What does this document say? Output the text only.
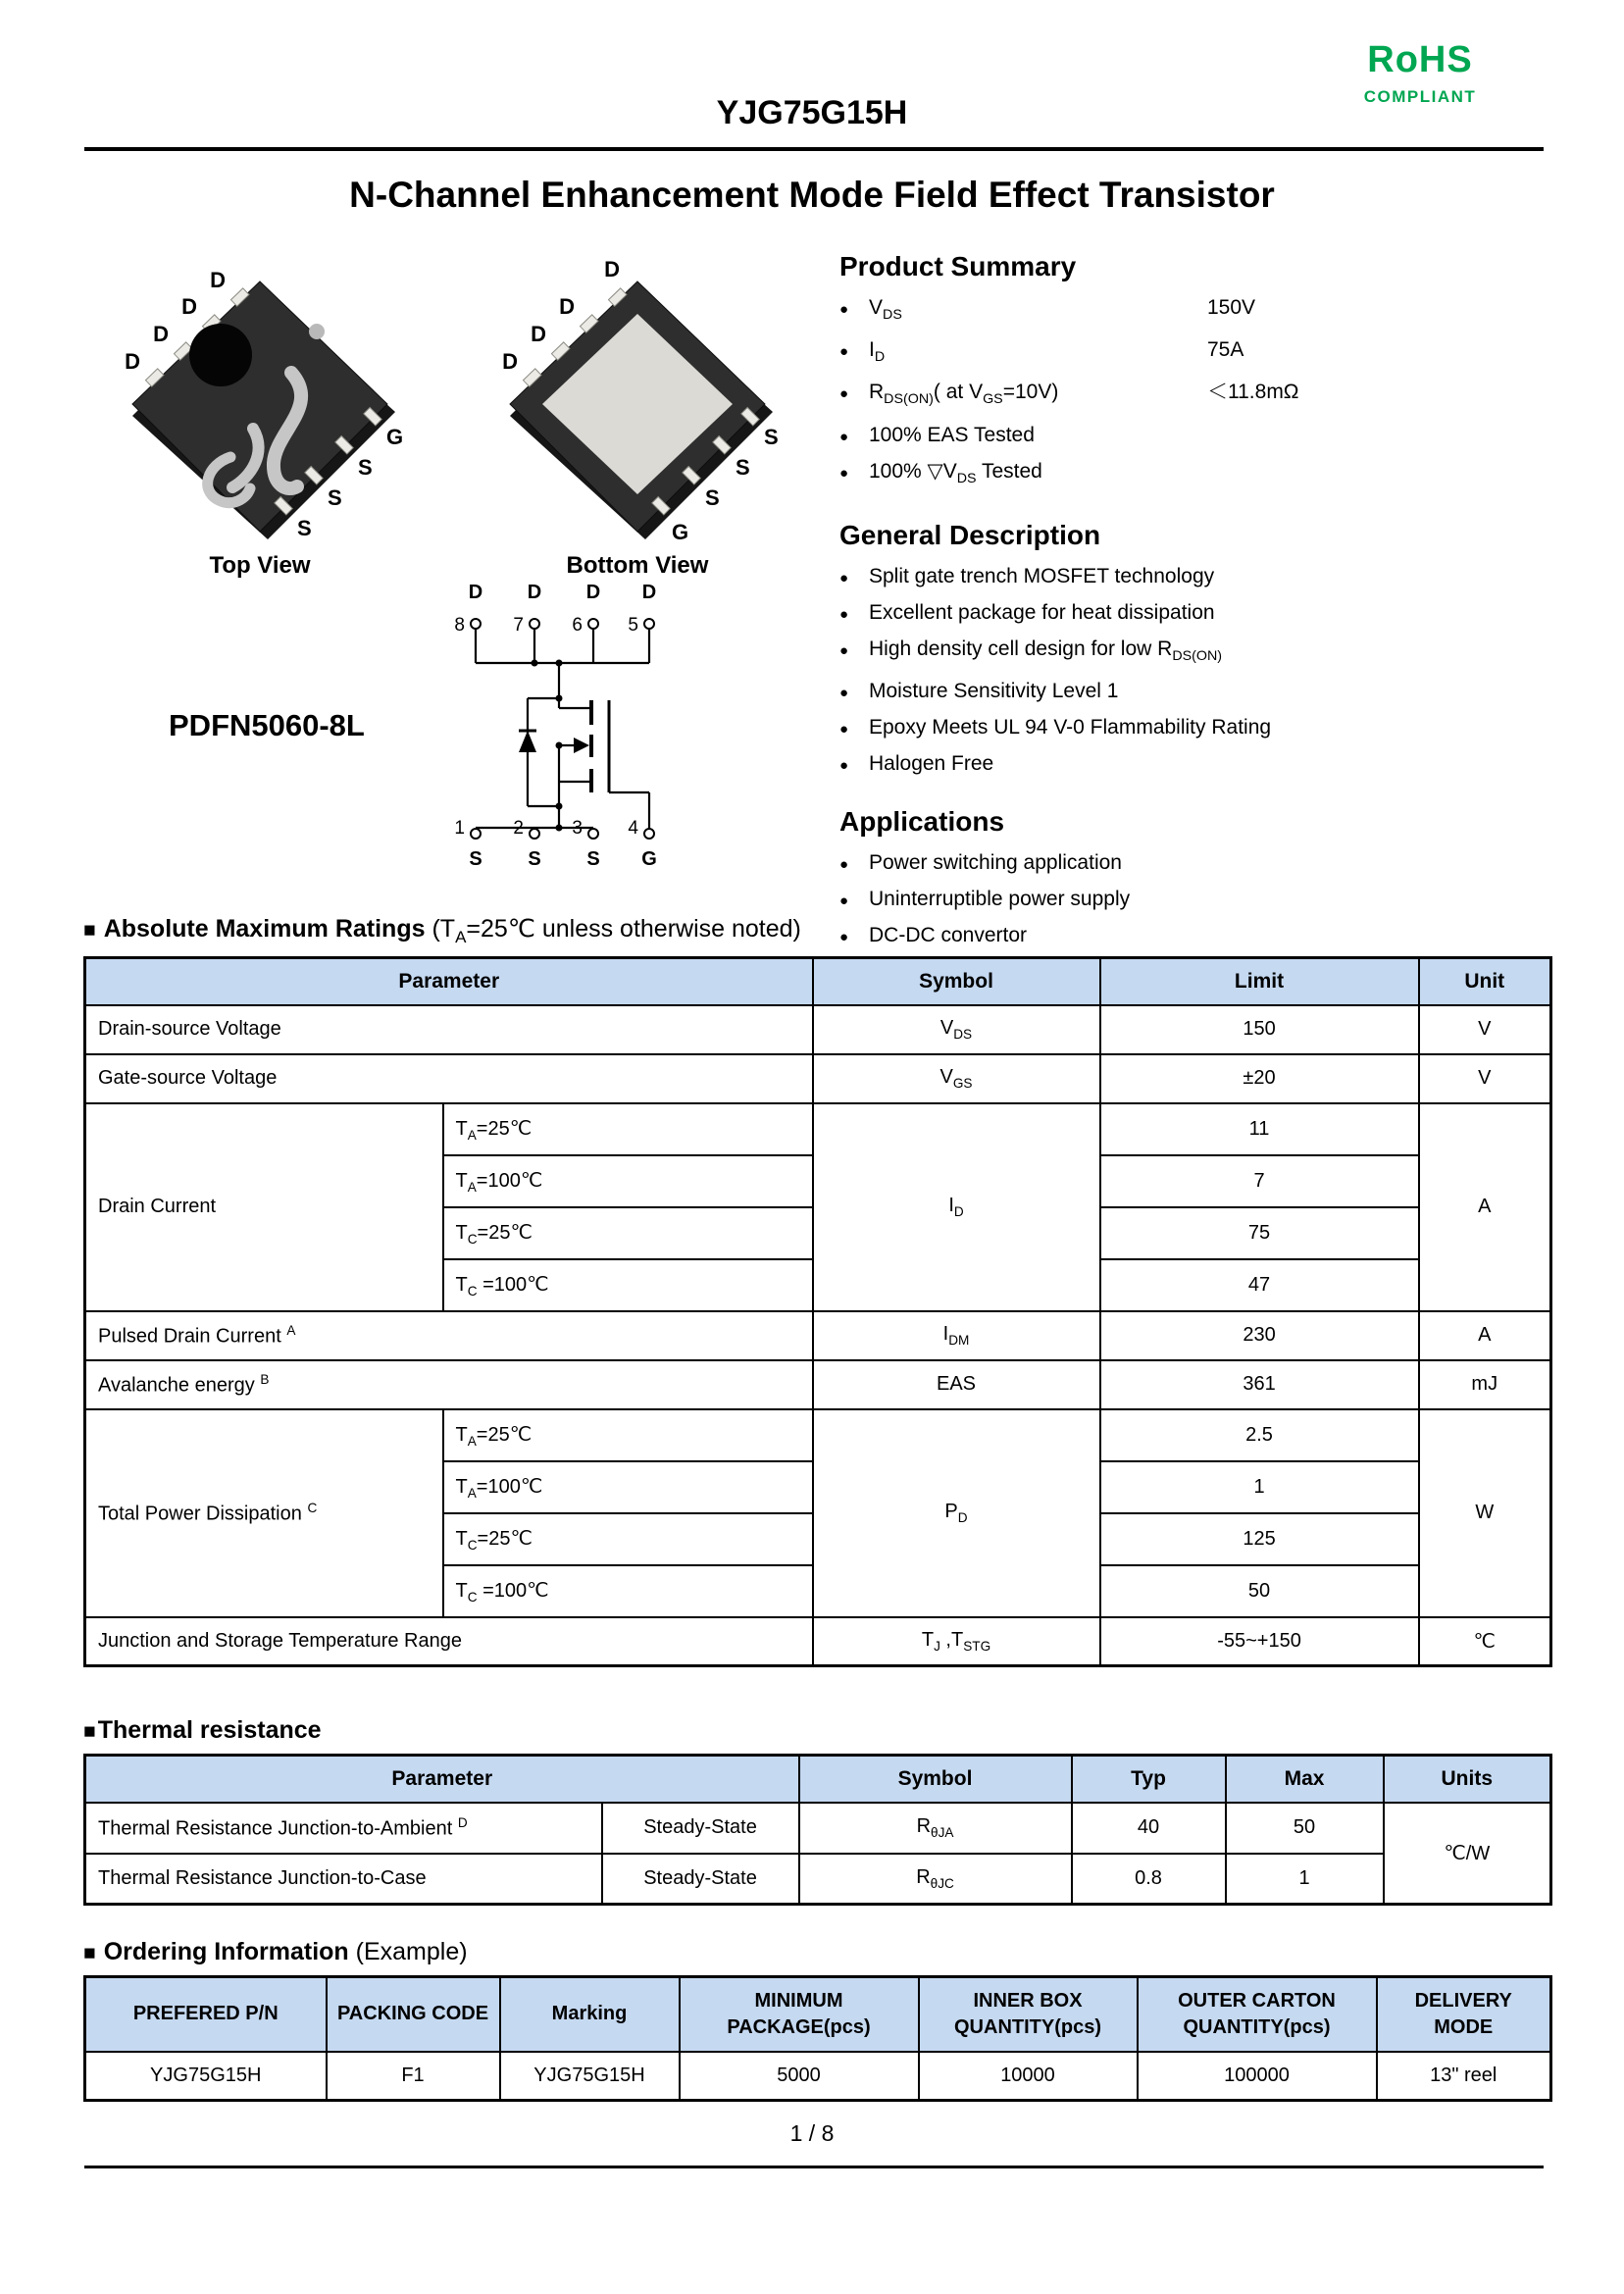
RoHS
COMPLIANT
YJG75G15H
N-Channel Enhancement Mode Field Effect Transistor
D
D
D
D
S
S
S
G
Top View
D
D
D
D
G
S
S
S
Bottom View
D D D D
S S S G
8	7	6 5
1	2	3 4
PDFN5060-8L
Product Summary
● $V_{DS}$	150V
● $I_D$	75A
● $R_{DS(ON)}$( at $V_{GS}=10V$)	＜11.8mΩ
● 100% EAS Tested
● 100% $▽V_{DS}$ Tested
General Description
● Split gate trench MOSFET technology
● Excellent package for heat dissipation
● High density cell design for low $R_{DS(ON)}$
● Moisture Sensitivity Level 1
● Epoxy Meets UL 94 V-0 Flammability Rating
● Halogen Free
Applications
● Power switching application
● Uninterruptible power supply
● DC-DC convertor
■ Absolute Maximum Ratings ($T_A=25℃$ unless otherwise noted)
Parameter		Symbol	Limit	Unit
Drain-source Voltage		$V_{DS}$	150	V
Gate-source Voltage		$V_{GS}$	±20	V
Drain Current	$T_A=25℃$	$I_D$	11	A
	$T_A=100℃$		7	
	$T_C=25℃$		75	
	$T_C$ =100℃		47	
Pulsed Drain Current $^A$		$I_{DM}$	230	A
Avalanche energy $^B$		EAS	361	mJ
Total Power Dissipation $^C$	$T_A=25℃$	$P_D$	2.5	W
	$T_A=100℃$		1	
	$T_C=25℃$		125	
	$T_C$ =100℃		50	
Junction and Storage Temperature Range		$T_J$ $,T_{STG}$	-55~+150	℃
■Thermal resistance
Parameter		Symbol	Typ	Max	Units
Thermal Resistance Junction-to-Ambient $^D$	Steady-State	$R_{\theta JA}$	40	50	℃/W
Thermal Resistance Junction-to-Case	Steady-State	$R_{\theta JC}$	0.8	1	
■ Ordering Information (Example)
PREFERED P/N	PACKING CODE	Marking	MINIMUM PACKAGE(pcs)	INNER BOX QUANTITY(pcs)	OUTER CARTON QUANTITY(pcs)	DELIVERY MODE
YJG75G15H	F1	YJG75G15H	5000	10000	100000	13" reel
1 / 8
